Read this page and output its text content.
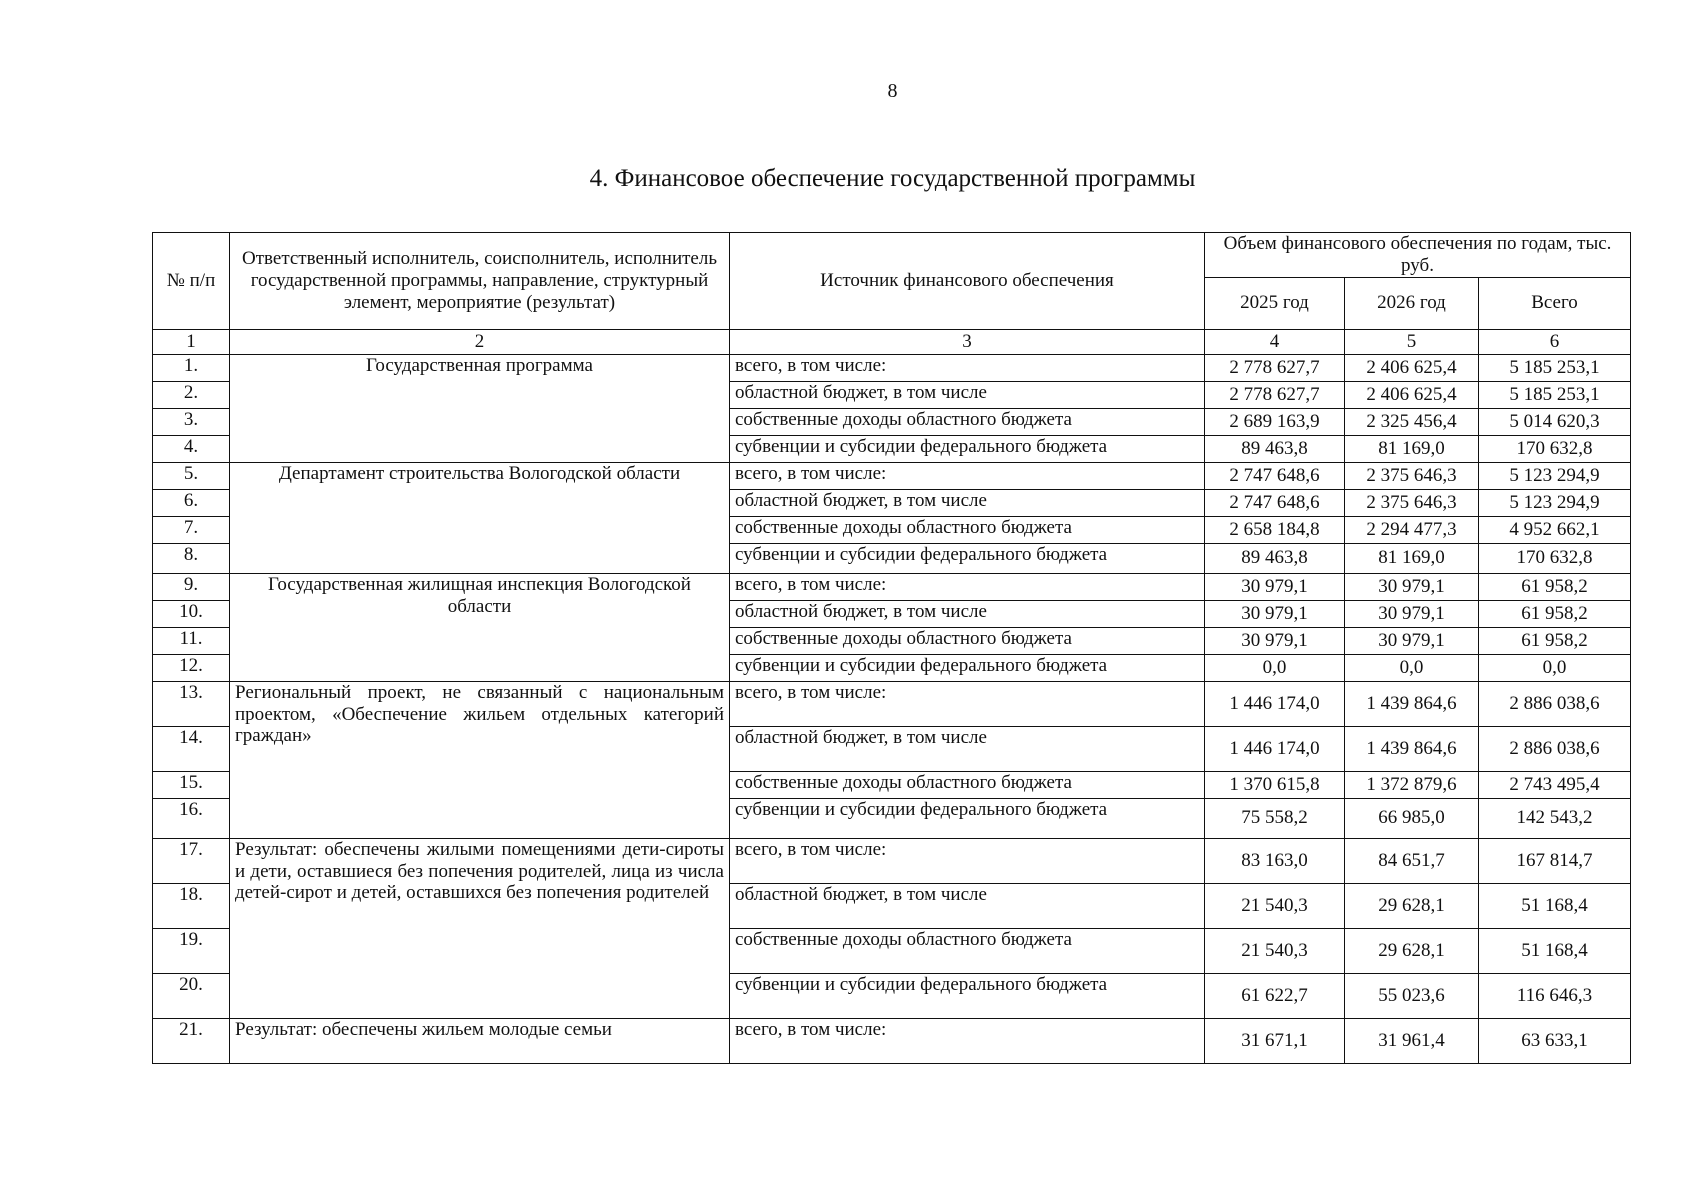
8
4. Финансовое обеспечение государственной программы
№ п/п	Ответственный исполнитель, соисполнитель, исполнитель государственной программы, направление, структурный элемент, мероприятие (результат)	Источник финансового обеспечения	Объем финансового обеспечения по годам, тыс. руб.		
			2025 год	2026 год	Всего
1	2	3	4	5	6
1.	Государственная программа	всего, в том числе:	2 778 627,7	2 406 625,4	5 185 253,1
2.		областной бюджет, в том числе	2 778 627,7	2 406 625,4	5 185 253,1
3.		собственные доходы областного бюджета	2 689 163,9	2 325 456,4	5 014 620,3
4.		субвенции и субсидии федерального бюджета	89 463,8	81 169,0	170 632,8
5.	Департамент строительства Вологодской области	всего, в том числе:	2 747 648,6	2 375 646,3	5 123 294,9
6.		областной бюджет, в том числе	2 747 648,6	2 375 646,3	5 123 294,9
7.		собственные доходы областного бюджета	2 658 184,8	2 294 477,3	4 952 662,1
8.		субвенции и субсидии федерального бюджета	89 463,8	81 169,0	170 632,8
9.	Государственная жилищная инспекция Вологодской области	всего, в том числе:	30 979,1	30 979,1	61 958,2
10.		областной бюджет, в том числе	30 979,1	30 979,1	61 958,2
11.		собственные доходы областного бюджета	30 979,1	30 979,1	61 958,2
12.		субвенции и субсидии федерального бюджета	0,0	0,0	0,0
13.	Региональный проект, не связанный с национальным проектом, «Обеспечение жильем отдельных категорий граждан»	всего, в том числе:	1 446 174,0	1 439 864,6	2 886 038,6
14.		областной бюджет, в том числе	1 446 174,0	1 439 864,6	2 886 038,6
15.		собственные доходы областного бюджета	1 370 615,8	1 372 879,6	2 743 495,4
16.		субвенции и субсидии федерального бюджета	75 558,2	66 985,0	142 543,2
17.	Результат: обеспечены жилыми помещениями дети-сироты и дети, оставшиеся без попечения родителей, лица из числа детей-сирот и детей, оставшихся без попечения родителей	всего, в том числе:	83 163,0	84 651,7	167 814,7
18.		областной бюджет, в том числе	21 540,3	29 628,1	51 168,4
19.		собственные доходы областного бюджета	21 540,3	29 628,1	51 168,4
20.		субвенции и субсидии федерального бюджета	61 622,7	55 023,6	116 646,3
21.	Результат: обеспечены жильем молодые семьи	всего, в том числе:	31 671,1	31 961,4	63 633,1
